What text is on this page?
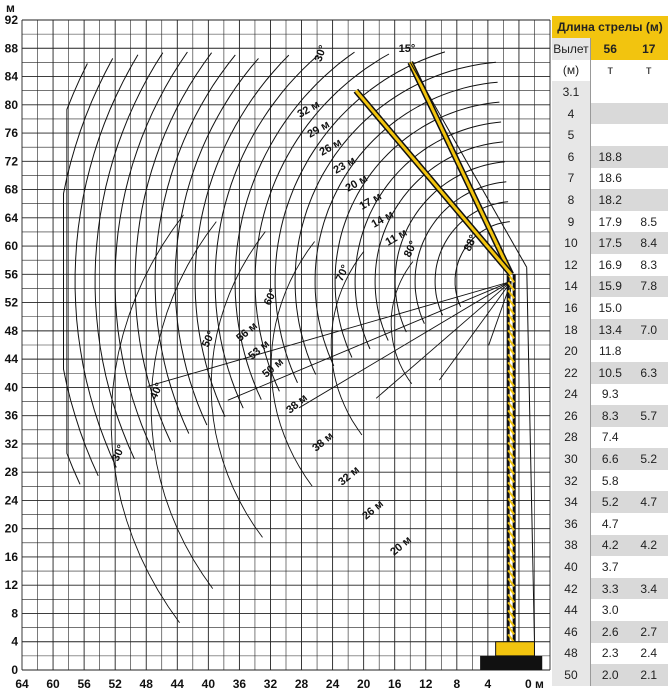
15°
30°
30°
40°
50°
60°
70°
80°	88°
32 м
29 м
26 м
23 м
20 м
17 м
14 м
11 м
56 м
53 м
50 м
38 м
38 м
32 м
26 м
20 м
0
4
8
12
16
20
24
28
32
36
40
44
48
52
56
60
64
68
72
76
80
84
88
92
64 60 56 52 48 44 40 36 32 28 24 20 16 12 8 4
м
0 м
Длина стрелы (м)		
Вылет	56	17
(м)	т	т
3.1		
4		
5		
6	18.8	
7	18.6	
8	18.2	
9	17.9	8.5
10	17.5	8.4
12	16.9	8.3
14	15.9	7.8
16	15.0	
18	13.4	7.0
20	11.8	
22	10.5	6.3
24	9.3	
26	8.3	5.7
28	7.4	
30	6.6	5.2
32	5.8	
34	5.2	4.7
36	4.7	
38	4.2	4.2
40	3.7	
42	3.3	3.4
44	3.0	
46	2.6	2.7
48	2.3	2.4
50	2.0	2.1
